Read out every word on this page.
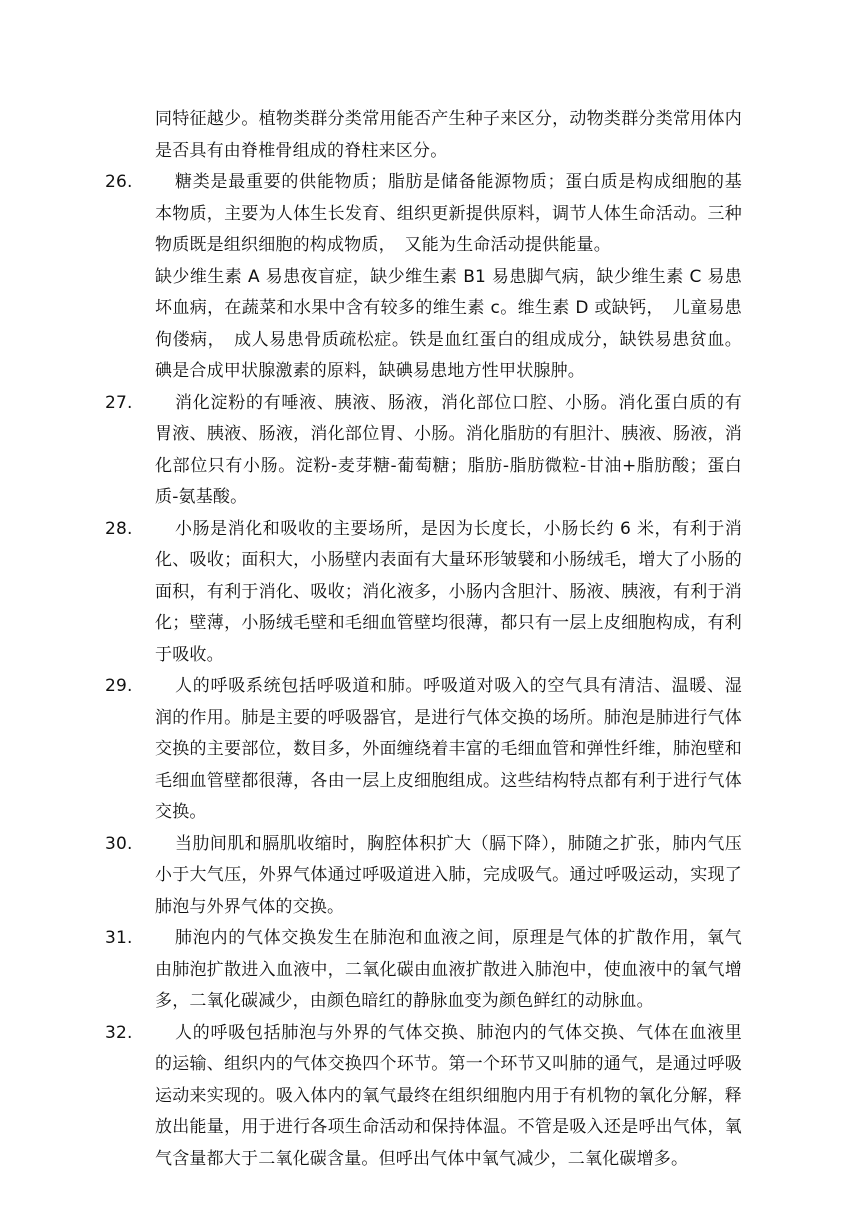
同特征越少。植物类群分类常用能否产生种子来区分，动物类群分类常用体内是否具有由脊椎骨组成的脊柱来区分。
26.	糖类是最重要的供能物质；脂肪是储备能源物质；蛋白质是构成细胞的基本物质，主要为人体生长发育、组织更新提供原料，调节人体生命活动。三种物质既是组织细胞的构成物质，　又能为生命活动提供能量。
缺少维生素 A 易患夜盲症，缺少维生素 B1 易患脚气病，缺少维生素 C 易患坏血病，在蔬菜和水果中含有较多的维生素 c。维生素 D 或缺钙，　儿童易患佝偻病，　成人易患骨质疏松症。铁是血红蛋白的组成成分，缺铁易患贫血。碘是合成甲状腺激素的原料，缺碘易患地方性甲状腺肿。
27.	消化淀粉的有唾液、胰液、肠液，消化部位口腔、小肠。消化蛋白质的有胃液、胰液、肠液，消化部位胃、小肠。消化脂肪的有胆汁、胰液、肠液，消化部位只有小肠。淀粉-麦芽糖-葡萄糖；脂肪-脂肪微粒-甘油+脂肪酸；蛋白质-氨基酸。
28.	小肠是消化和吸收的主要场所，是因为长度长，小肠长约 6 米，有利于消化、吸收；面积大，小肠壁内表面有大量环形皱襞和小肠绒毛，增大了小肠的面积，有利于消化、吸收；消化液多，小肠内含胆汁、肠液、胰液，有利于消化；壁薄，小肠绒毛壁和毛细血管壁均很薄，都只有一层上皮细胞构成，有利于吸收。
29.	人的呼吸系统包括呼吸道和肺。呼吸道对吸入的空气具有清洁、温暖、湿润的作用。肺是主要的呼吸器官，是进行气体交换的场所。肺泡是肺进行气体交换的主要部位，数目多，外面缠绕着丰富的毛细血管和弹性纤维，肺泡壁和毛细血管壁都很薄，各由一层上皮细胞组成。这些结构特点都有利于进行气体交换。
30.	当肋间肌和膈肌收缩时，胸腔体积扩大（膈下降），肺随之扩张，肺内气压小于大气压，外界气体通过呼吸道进入肺，完成吸气。通过呼吸运动，实现了肺泡与外界气体的交换。
31.	肺泡内的气体交换发生在肺泡和血液之间，原理是气体的扩散作用，氧气由肺泡扩散进入血液中，二氧化碳由血液扩散进入肺泡中，使血液中的氧气增多，二氧化碳减少，由颜色暗红的静脉血变为颜色鲜红的动脉血。
32.	人的呼吸包括肺泡与外界的气体交换、肺泡内的气体交换、气体在血液里的运输、组织内的气体交换四个环节。第一个环节又叫肺的通气，是通过呼吸运动来实现的。吸入体内的氧气最终在组织细胞内用于有机物的氧化分解，释放出能量，用于进行各项生命活动和保持体温。不管是吸入还是呼出气体，氧气含量都大于二氧化碳含量。但呼出气体中氧气减少，二氧化碳增多。
